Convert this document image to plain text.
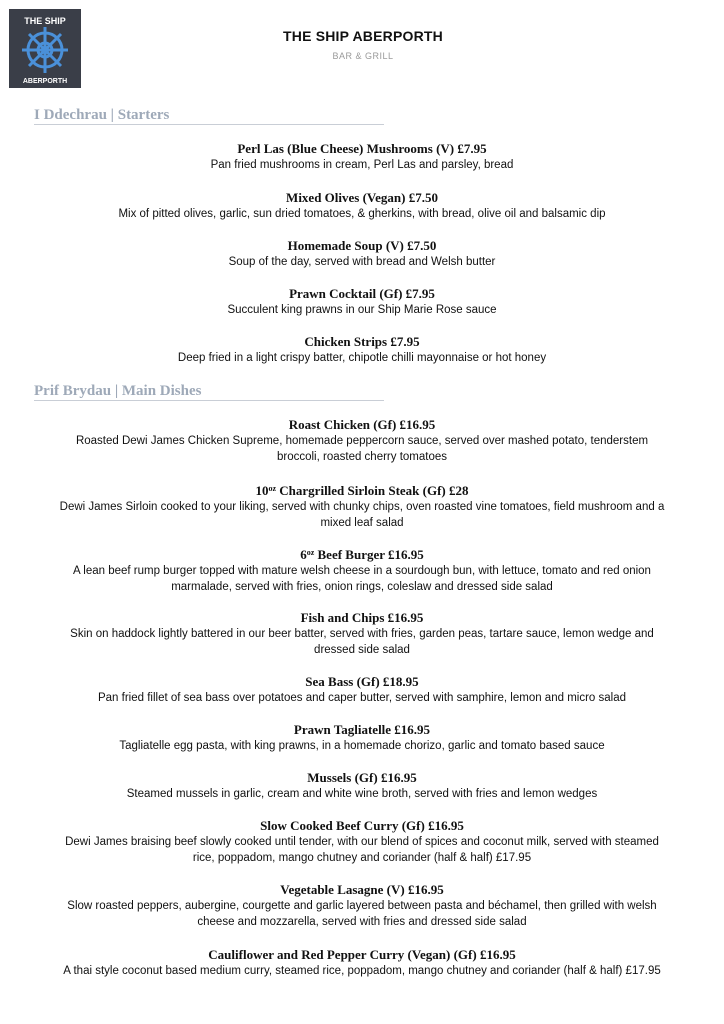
THE SHIP
ABERPORTH
THE SHIP ABERPORTH
BAR & GRILL
I Ddechrau | Starters
Perl Las (Blue Cheese) Mushrooms (V) £7.95
Pan fried mushrooms in cream, Perl Las and parsley, bread
Mixed Olives (Vegan) £7.50
Mix of pitted olives, garlic, sun dried tomatoes, & gherkins, with bread, olive oil and balsamic dip
Homemade Soup (V) £7.50
Soup of the day, served with bread and Welsh butter
Prawn Cocktail (Gf) £7.95
Succulent king prawns in our Ship Marie Rose sauce
Chicken Strips £7.95
Deep fried in a light crispy batter, chipotle chilli mayonnaise or hot honey
Prif Brydau | Main Dishes
Roast Chicken (Gf) £16.95
Roasted Dewi James Chicken Supreme, homemade peppercorn sauce, served over mashed potato, tenderstem
broccoli, roasted cherry tomatoes
$10^{oz}$ Chargrilled Sirloin Steak (Gf) £28
Dewi James Sirloin cooked to your liking, served with chunky chips, oven roasted vine tomatoes, field mushroom and a
mixed leaf salad
$6^{oz}$ Beef Burger £16.95
A lean beef rump burger topped with mature welsh cheese in a sourdough bun, with lettuce, tomato and red onion
marmalade, served with fries, onion rings, coleslaw and dressed side salad
Fish and Chips £16.95
Skin on haddock lightly battered in our beer batter, served with fries, garden peas, tartare sauce, lemon wedge and
dressed side salad
Sea Bass (Gf) £18.95
Pan fried fillet of sea bass over potatoes and caper butter, served with samphire, lemon and micro salad
Prawn Tagliatelle £16.95
Tagliatelle egg pasta, with king prawns, in a homemade chorizo, garlic and tomato based sauce
Mussels (Gf) £16.95
Steamed mussels in garlic, cream and white wine broth, served with fries and lemon wedges
Slow Cooked Beef Curry (Gf) £16.95
Dewi James braising beef slowly cooked until tender, with our blend of spices and coconut milk, served with steamed
rice, poppadom, mango chutney and coriander (half & half) £17.95
Vegetable Lasagne (V) £16.95
Slow roasted peppers, aubergine, courgette and garlic layered between pasta and béchamel, then grilled with welsh
cheese and mozzarella, served with fries and dressed side salad
Cauliflower and Red Pepper Curry (Vegan) (Gf) £16.95
A thai style coconut based medium curry, steamed rice, poppadom, mango chutney and coriander (half & half) £17.95
